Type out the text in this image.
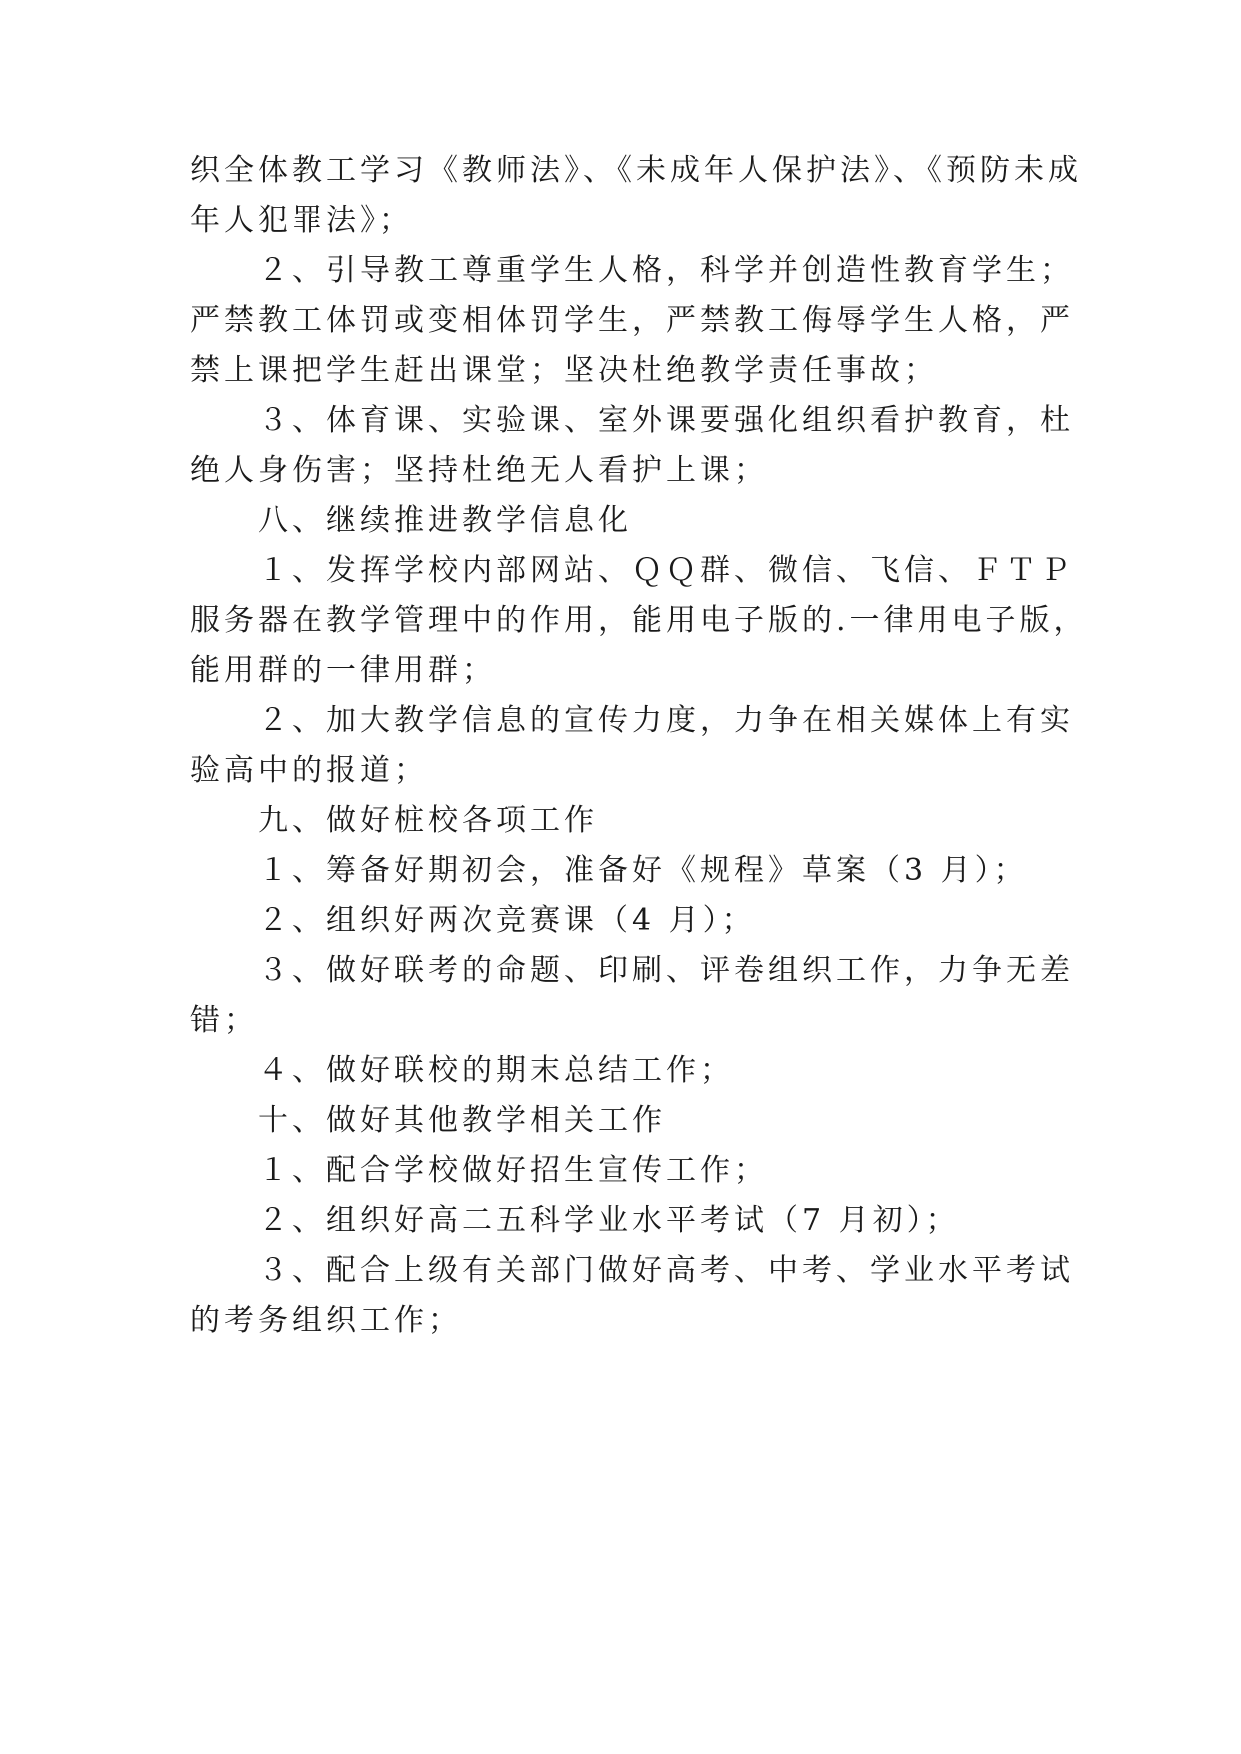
织全体教工学习《教师法》、《未成年人保护法》、《预防未成
年人犯罪法》；
２、引导教工尊重学生人格，科学并创造性教育学生；
严禁教工体罚或变相体罚学生，严禁教工侮辱学生人格，严
禁上课把学生赶出课堂；坚决杜绝教学责任事故；
３、体育课、实验课、室外课要强化组织看护教育，杜
绝人身伤害；坚持杜绝无人看护上课；
八、继续推进教学信息化
１、发挥学校内部网站、ＱＱ群、微信、飞信、ＦＴＰ
服务器在教学管理中的作用，能用电子版的.一律用电子版，
能用群的一律用群；
２、加大教学信息的宣传力度，力争在相关媒体上有实
验高中的报道；
九、做好桩校各项工作
１、筹备好期初会，准备好《规程》草案（3 月）；
２、组织好两次竞赛课（4 月）；
３、做好联考的命题、印刷、评卷组织工作，力争无差
错；
４、做好联校的期末总结工作；
十、做好其他教学相关工作
１、配合学校做好招生宣传工作；
２、组织好高二五科学业水平考试（7 月初）；
３、配合上级有关部门做好高考、中考、学业水平考试
的考务组织工作；
